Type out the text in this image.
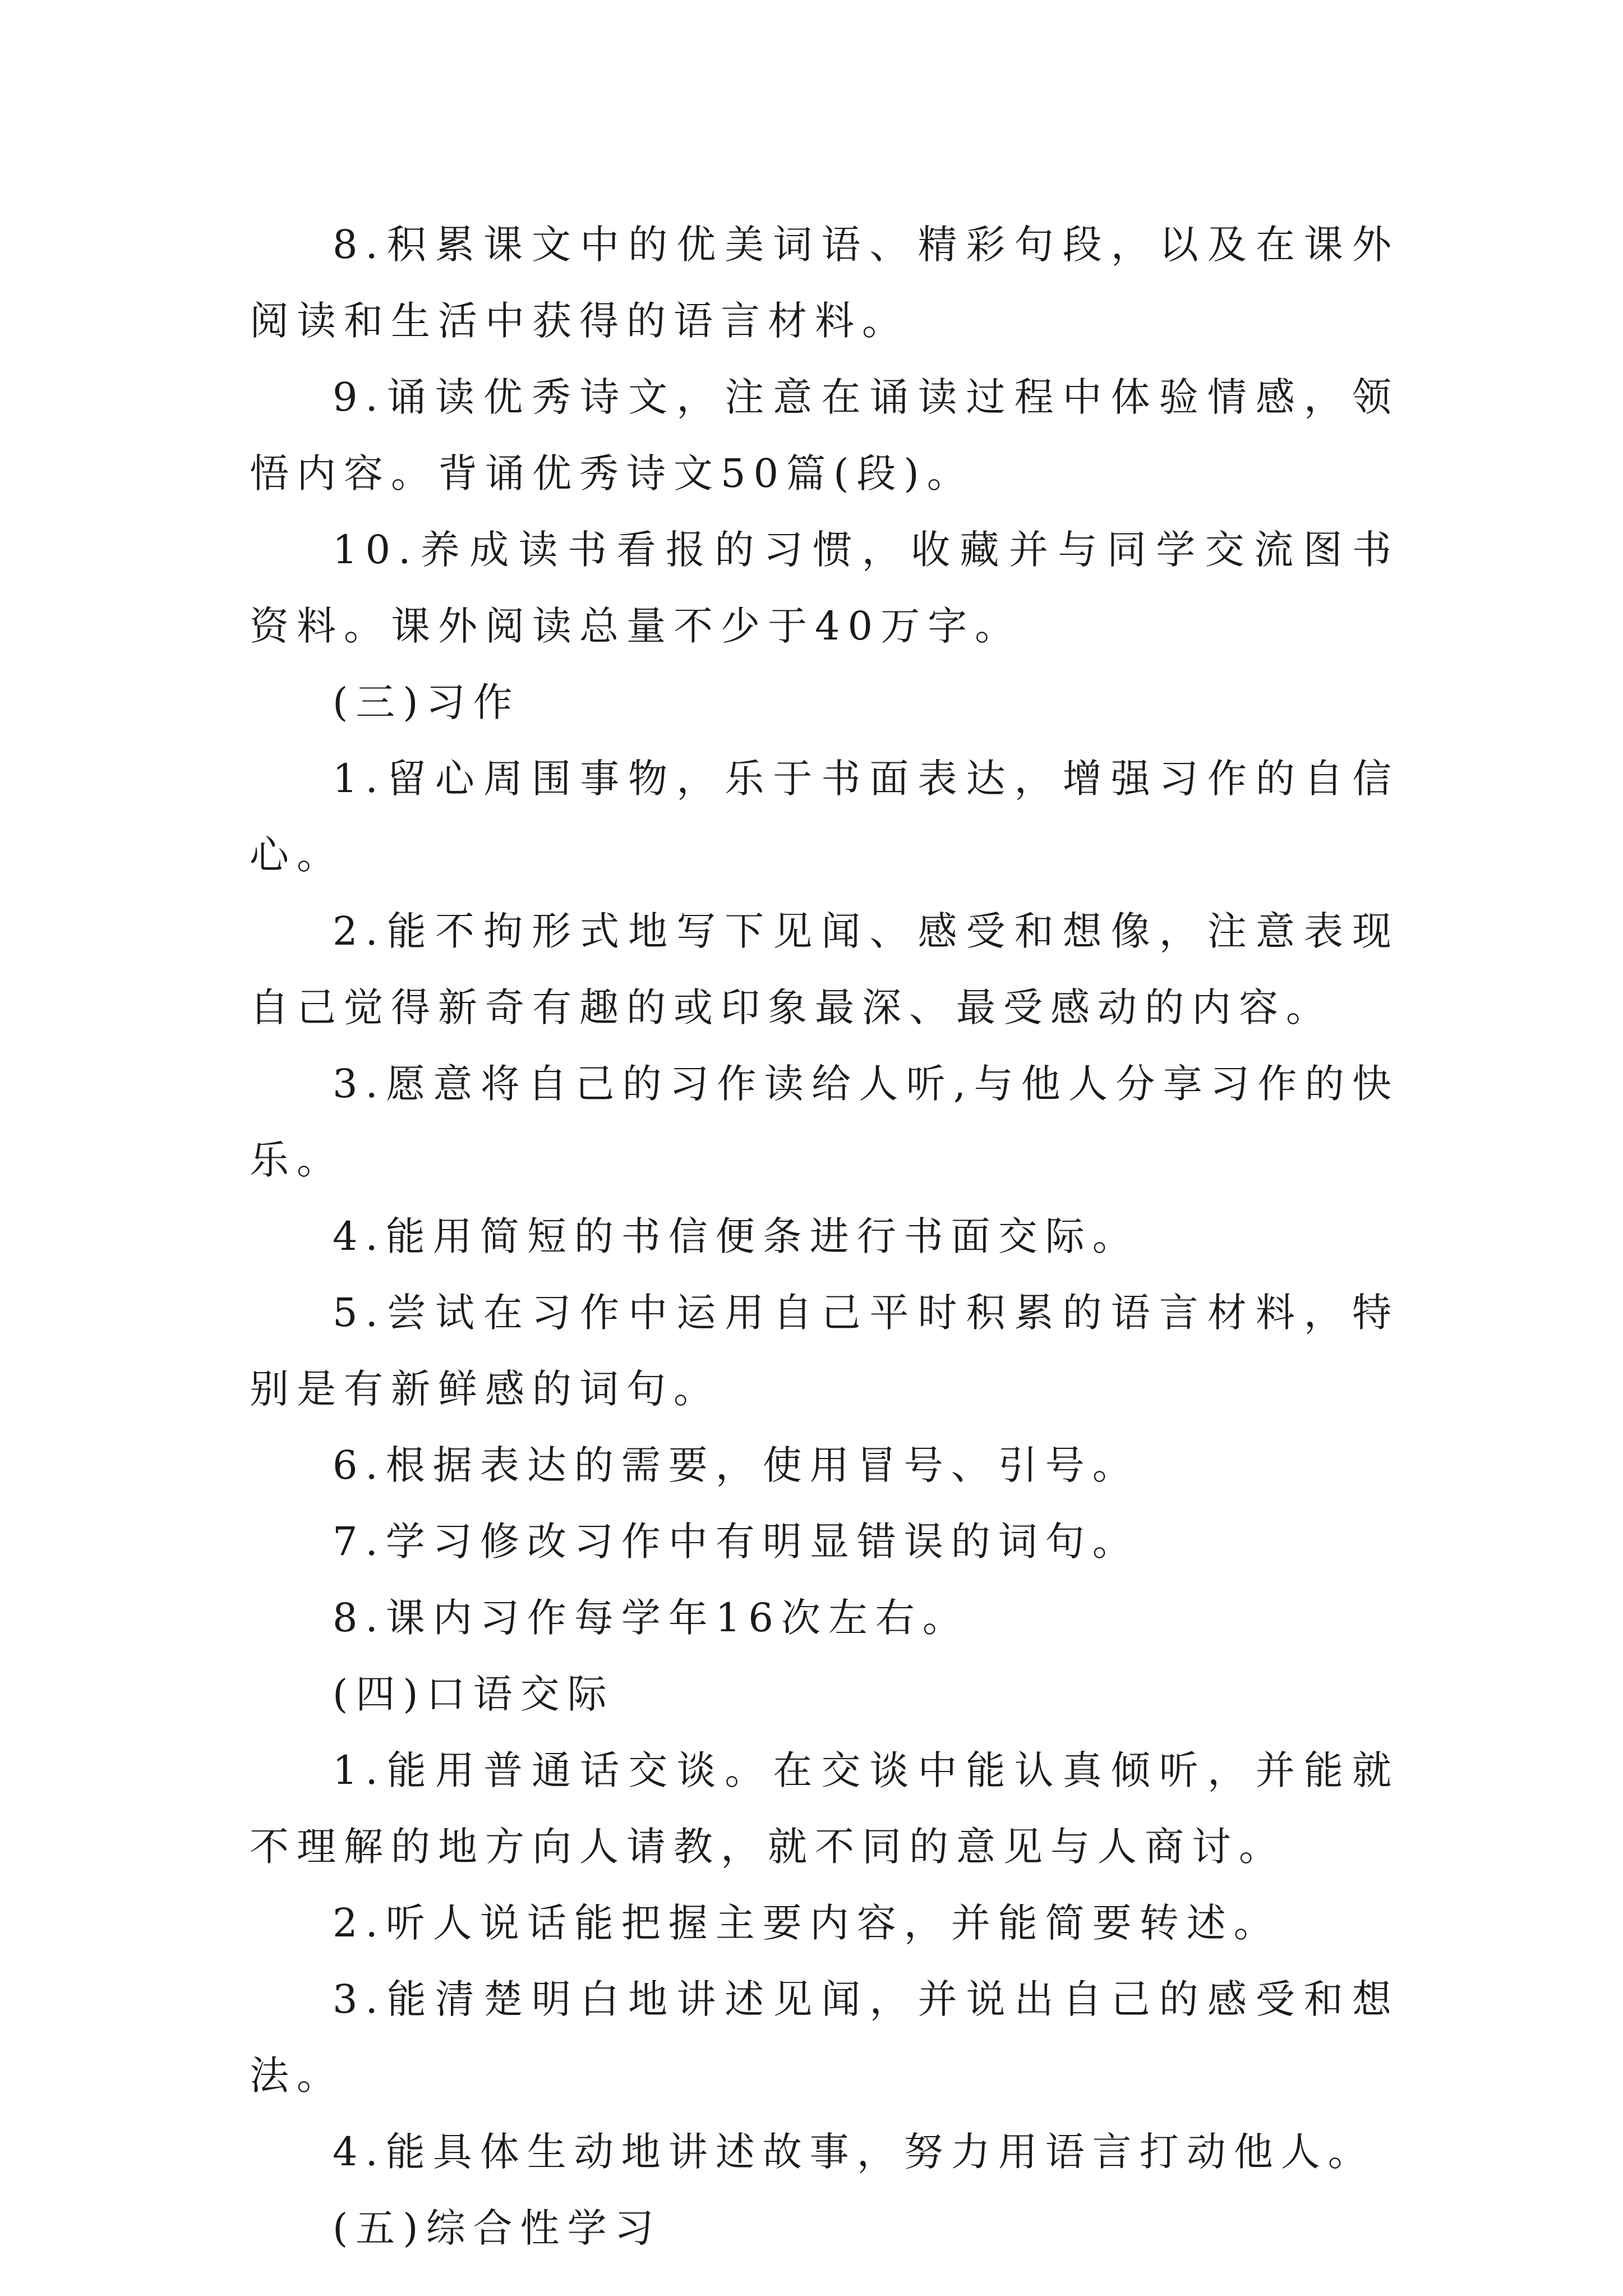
8.积累课文中的优美词语、精彩句段，以及在课外阅读和生活中获得的语言材料。

9.诵读优秀诗文，注意在诵读过程中体验情感，领悟内容。背诵优秀诗文50篇(段)。

10.养成读书看报的习惯，收藏并与同学交流图书资料。课外阅读总量不少于40万字。

(三)习作

1.留心周围事物，乐于书面表达，增强习作的自信心。

2.能不拘形式地写下见闻、感受和想像，注意表现自己觉得新奇有趣的或印象最深、最受感动的内容。

3.愿意将自己的习作读给人听,与他人分享习作的快乐。

4.能用简短的书信便条进行书面交际。

5.尝试在习作中运用自己平时积累的语言材料，特别是有新鲜感的词句。

6.根据表达的需要，使用冒号、引号。

7.学习修改习作中有明显错误的词句。

8.课内习作每学年16次左右。

(四)口语交际

1.能用普通话交谈。在交谈中能认真倾听，并能就不理解的地方向人请教，就不同的意见与人商讨。

2.听人说话能把握主要内容，并能简要转述。

3.能清楚明白地讲述见闻，并说出自己的感受和想法。

4.能具体生动地讲述故事，努力用语言打动他人。

(五)综合性学习
